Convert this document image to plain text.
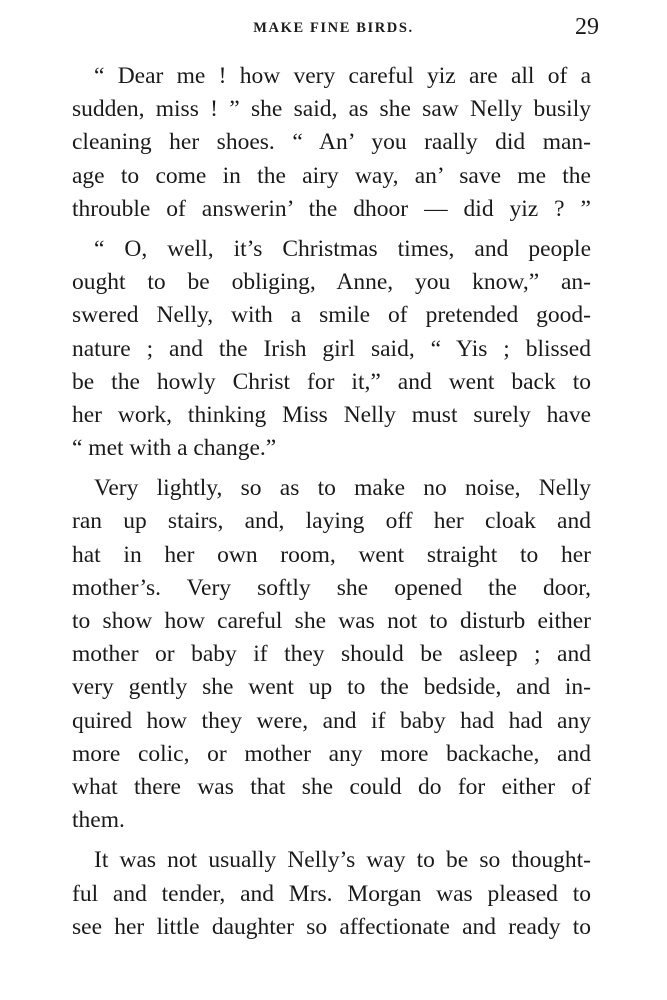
MAKE FINE BIRDS.	29

“ Dear me ! how very careful yiz are all of a
sudden, miss ! ” she said, as she saw Nelly busily
cleaning her shoes. “ An’ you raally did man-
age to come in the airy way, an’ save me the
throuble of answerin’ the dhoor — did yiz ? ”

“ O, well, it’s Christmas times, and people
ought to be obliging, Anne, you know,” an-
swered Nelly, with a smile of pretended good-
nature ; and the Irish girl said, “ Yis ; blissed
be the howly Christ for it,” and went back to
her work, thinking Miss Nelly must surely have
“ met with a change.”

Very lightly, so as to make no noise, Nelly
ran up stairs, and, laying off her cloak and
hat in her own room, went straight to her
mother’s. Very softly she opened the door,
to show how careful she was not to disturb either
mother or baby if they should be asleep ; and
very gently she went up to the bedside, and in-
quired how they were, and if baby had had any
more colic, or mother any more backache, and
what there was that she could do for either of
them.

It was not usually Nelly’s way to be so thought-
ful and tender, and Mrs. Morgan was pleased to
see her little daughter so affectionate and ready to
